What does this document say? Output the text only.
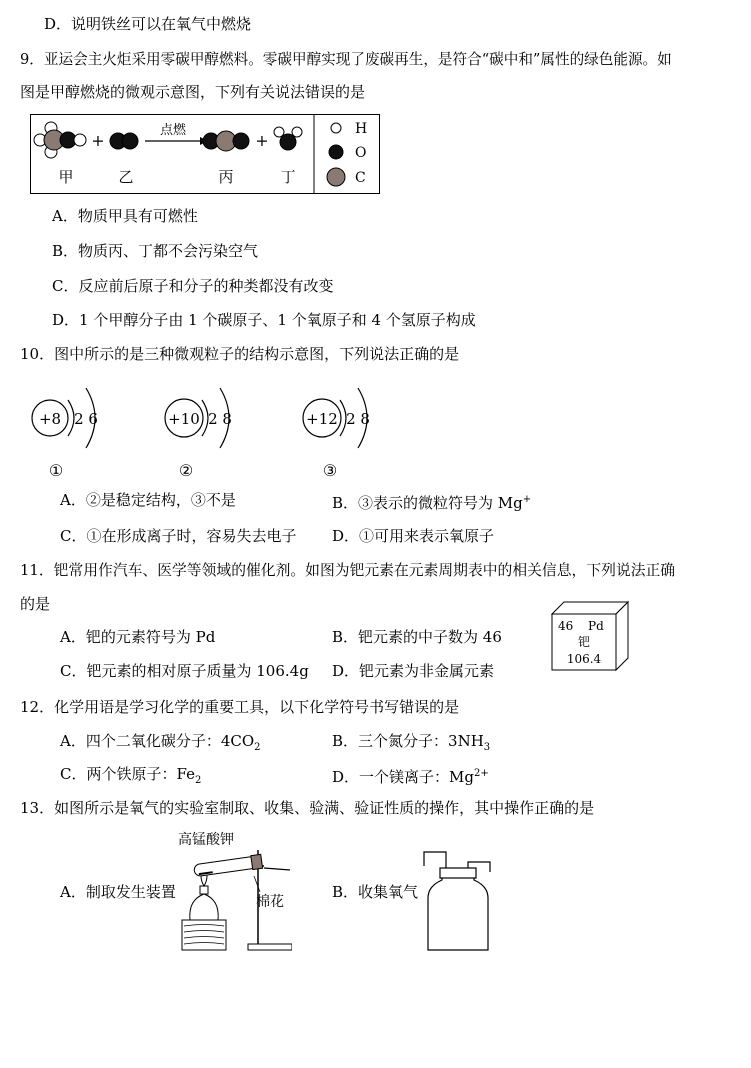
D．说明铁丝可以在氧气中燃烧
9．亚运会主火炬采用零碳甲醇燃料。零碳甲醇实现了废碳再生，是符合“碳中和”属性的绿色能源。如
图是甲醇燃烧的微观示意图，下列有关说法错误的是
+
点燃
+
甲	乙	丙	丁
H
O
C
A．物质甲具有可燃性
B．物质丙、丁都不会污染空气
C．反应前后原子和分子的种类都没有改变
D．1 个甲醇分子由 1 个碳原子、1 个氧原子和 4 个氢原子构成
10．图中所示的是三种微观粒子的结构示意图，下列说法正确的是
+8 2 6
①
+10 2 8
②
+12 2 8
③
A．②是稳定结构，③不是	B．③表示的微粒符号为 Mg+
C．①在形成离子时，容易失去电子 D．①可用来表示氧原子
11．钯常用作汽车、医学等领域的催化剂。如图为钯元素在元素周期表中的相关信息，下列说法正确
的是
A．钯的元素符号为 Pd	B．钯元素的中子数为 46
C．钯元素的相对原子质量为 106.4g D．钯元素为非金属元素
46 Pd
钯
106.4
12．化学用语是学习化学的重要工具，以下化学符号书写错误的是
A．四个二氧化碳分子：$4CO_2$	B．三个氮分子：$3NH_3$
C．两个铁原子：$Fe_2$	D．一个镁离子：$Mg^{2+}$
13．如图所示是氧气的实验室制取、收集、验满、验证性质的操作，其中操作正确的是
A．制取发生装置	B．收集氧气
高锰酸钾
棉花
